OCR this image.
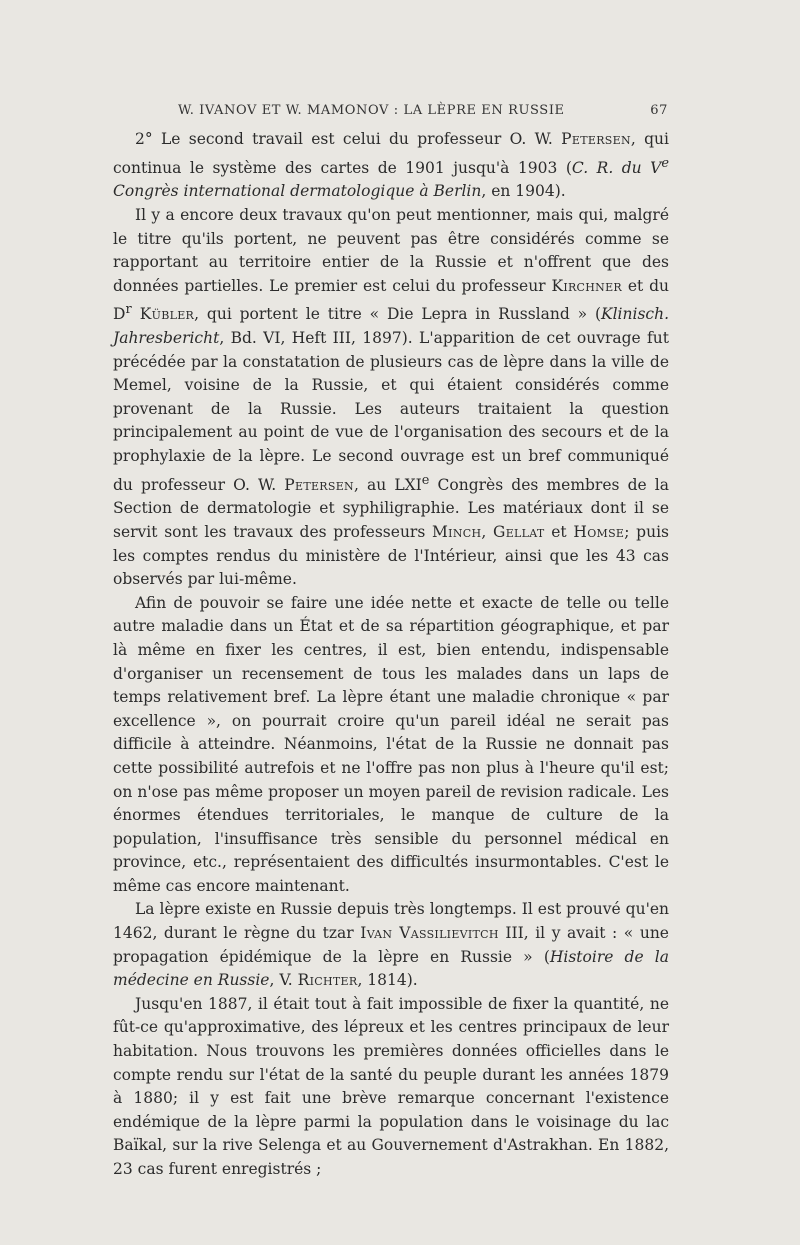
W. IVANOV ET W. MAMONOV : LA LÈPRE EN RUSSIE	67

2° Le second travail est celui du professeur O. W. Petersen, qui continua le système des cartes de 1901 jusqu'à 1903 (C. R. du Ve Congrès international dermatologique à Berlin, en 1904).

Il y a encore deux travaux qu'on peut mentionner, mais qui, malgré le titre qu'ils portent, ne peuvent pas être considérés comme se rapportant au territoire entier de la Russie et n'offrent que des données partielles. Le premier est celui du professeur Kirchner et du $D^r$ Kübler, qui portent le titre « Die Lepra in Russland » (Klinisch. Jahresbericht, Bd. VI, Heft III, 1897). L'apparition de cet ouvrage fut précédée par la constatation de plusieurs cas de lèpre dans la ville de Memel, voisine de la Russie, et qui étaient considérés comme provenant de la Russie. Les auteurs traitaient la question principalement au point de vue de l'organisation des secours et de la prophylaxie de la lèpre. Le second ouvrage est un bref communiqué du professeur O. W. Petersen, au LXIe Congrès des membres de la Section de dermatologie et syphiligraphie. Les matériaux dont il se servit sont les travaux des professeurs Minch, Gellat et Homse; puis les comptes rendus du ministère de l'Intérieur, ainsi que les 43 cas observés par lui-même.

Afin de pouvoir se faire une idée nette et exacte de telle ou telle autre maladie dans un État et de sa répartition géographique, et par là même en fixer les centres, il est, bien entendu, indispensable d'organiser un recensement de tous les malades dans un laps de temps relativement bref. La lèpre étant une maladie chronique « par excellence », on pourrait croire qu'un pareil idéal ne serait pas difficile à atteindre. Néanmoins, l'état de la Russie ne donnait pas cette possibilité autrefois et ne l'offre pas non plus à l'heure qu'il est; on n'ose pas même proposer un moyen pareil de revision radicale. Les énormes étendues territoriales, le manque de culture de la population, l'insuffisance très sensible du personnel médical en province, etc., représentaient des difficultés insurmontables. C'est le même cas encore maintenant.

La lèpre existe en Russie depuis très longtemps. Il est prouvé qu'en 1462, durant le règne du tzar Ivan Vassilievitch III, il y avait : « une propagation épidémique de la lèpre en Russie » (Histoire de la médecine en Russie, V. Richter, 1814).

Jusqu'en 1887, il était tout à fait impossible de fixer la quantité, ne fût-ce qu'approximative, des lépreux et les centres principaux de leur habitation. Nous trouvons les premières données officielles dans le compte rendu sur l'état de la santé du peuple durant les années 1879 à 1880; il y est fait une brève remarque concernant l'existence endémique de la lèpre parmi la population dans le voisinage du lac Baïkal, sur la rive Selenga et au Gouvernement d'Astrakhan. En 1882, 23 cas furent enregistrés ;
